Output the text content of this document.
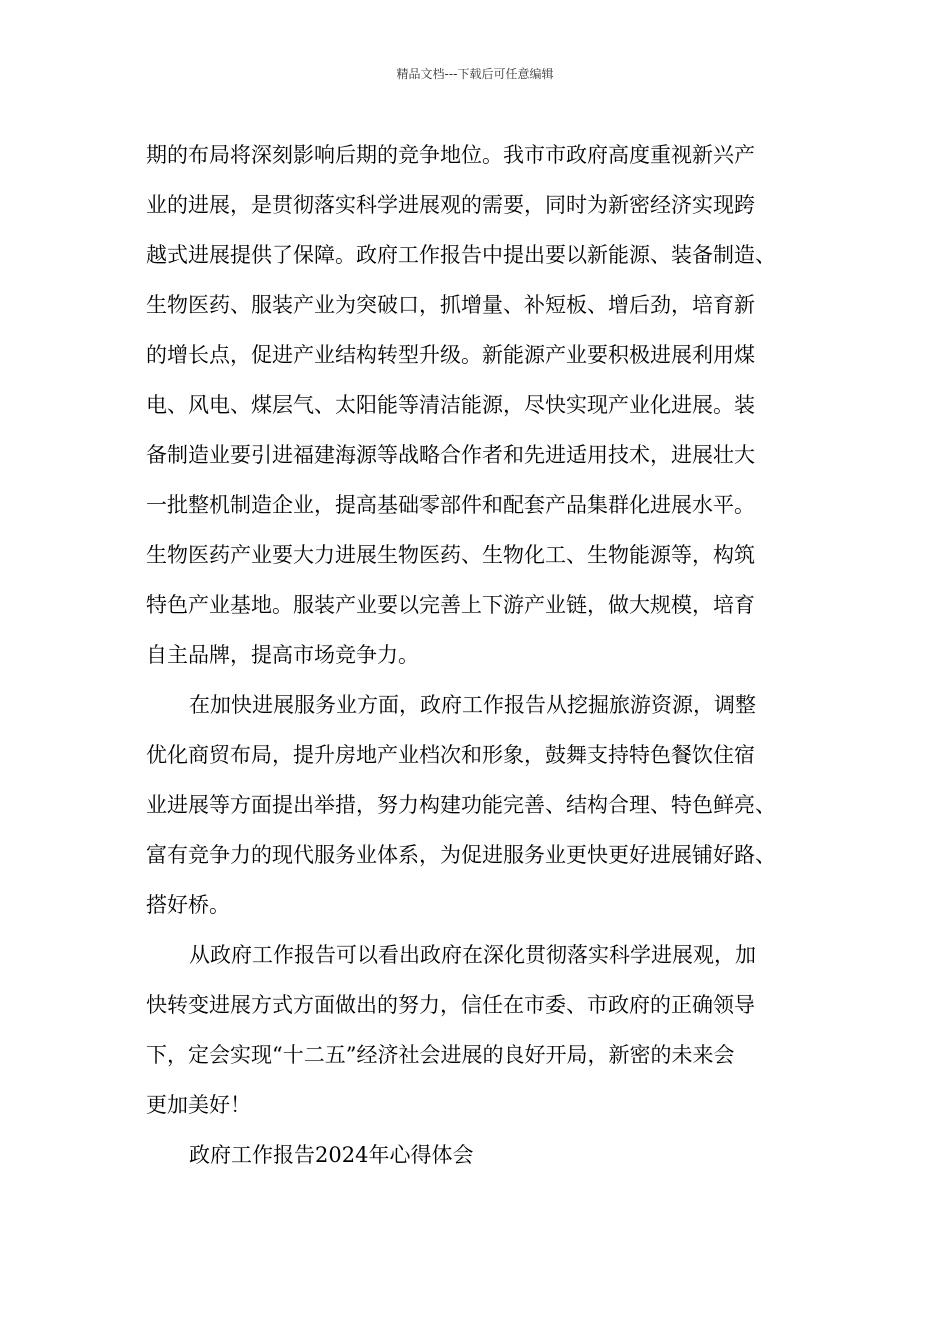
精品文档---下载后可任意编辑
期的布局将深刻影响后期的竞争地位。我市市政府高度重视新兴产
业的进展，是贯彻落实科学进展观的需要，同时为新密经济实现跨
越式进展提供了保障。政府工作报告中提出要以新能源、装备制造、
生物医药、服装产业为突破口，抓增量、补短板、增后劲，培育新
的增长点，促进产业结构转型升级。新能源产业要积极进展利用煤
电、风电、煤层气、太阳能等清洁能源，尽快实现产业化进展。装
备制造业要引进福建海源等战略合作者和先进适用技术，进展壮大
一批整机制造企业，提高基础零部件和配套产品集群化进展水平。
生物医药产业要大力进展生物医药、生物化工、生物能源等，构筑
特色产业基地。服装产业要以完善上下游产业链，做大规模，培育
自主品牌，提高市场竞争力。
在加快进展服务业方面，政府工作报告从挖掘旅游资源，调整
优化商贸布局，提升房地产业档次和形象，鼓舞支持特色餐饮住宿
业进展等方面提出举措，努力构建功能完善、结构合理、特色鲜亮、
富有竞争力的现代服务业体系，为促进服务业更快更好进展铺好路、
搭好桥。
从政府工作报告可以看出政府在深化贯彻落实科学进展观，加
快转变进展方式方面做出的努力，信任在市委、市政府的正确领导
下，定会实现“十二五”经济社会进展的良好开局，新密的未来会
更加美好！
政府工作报告2024年心得体会
